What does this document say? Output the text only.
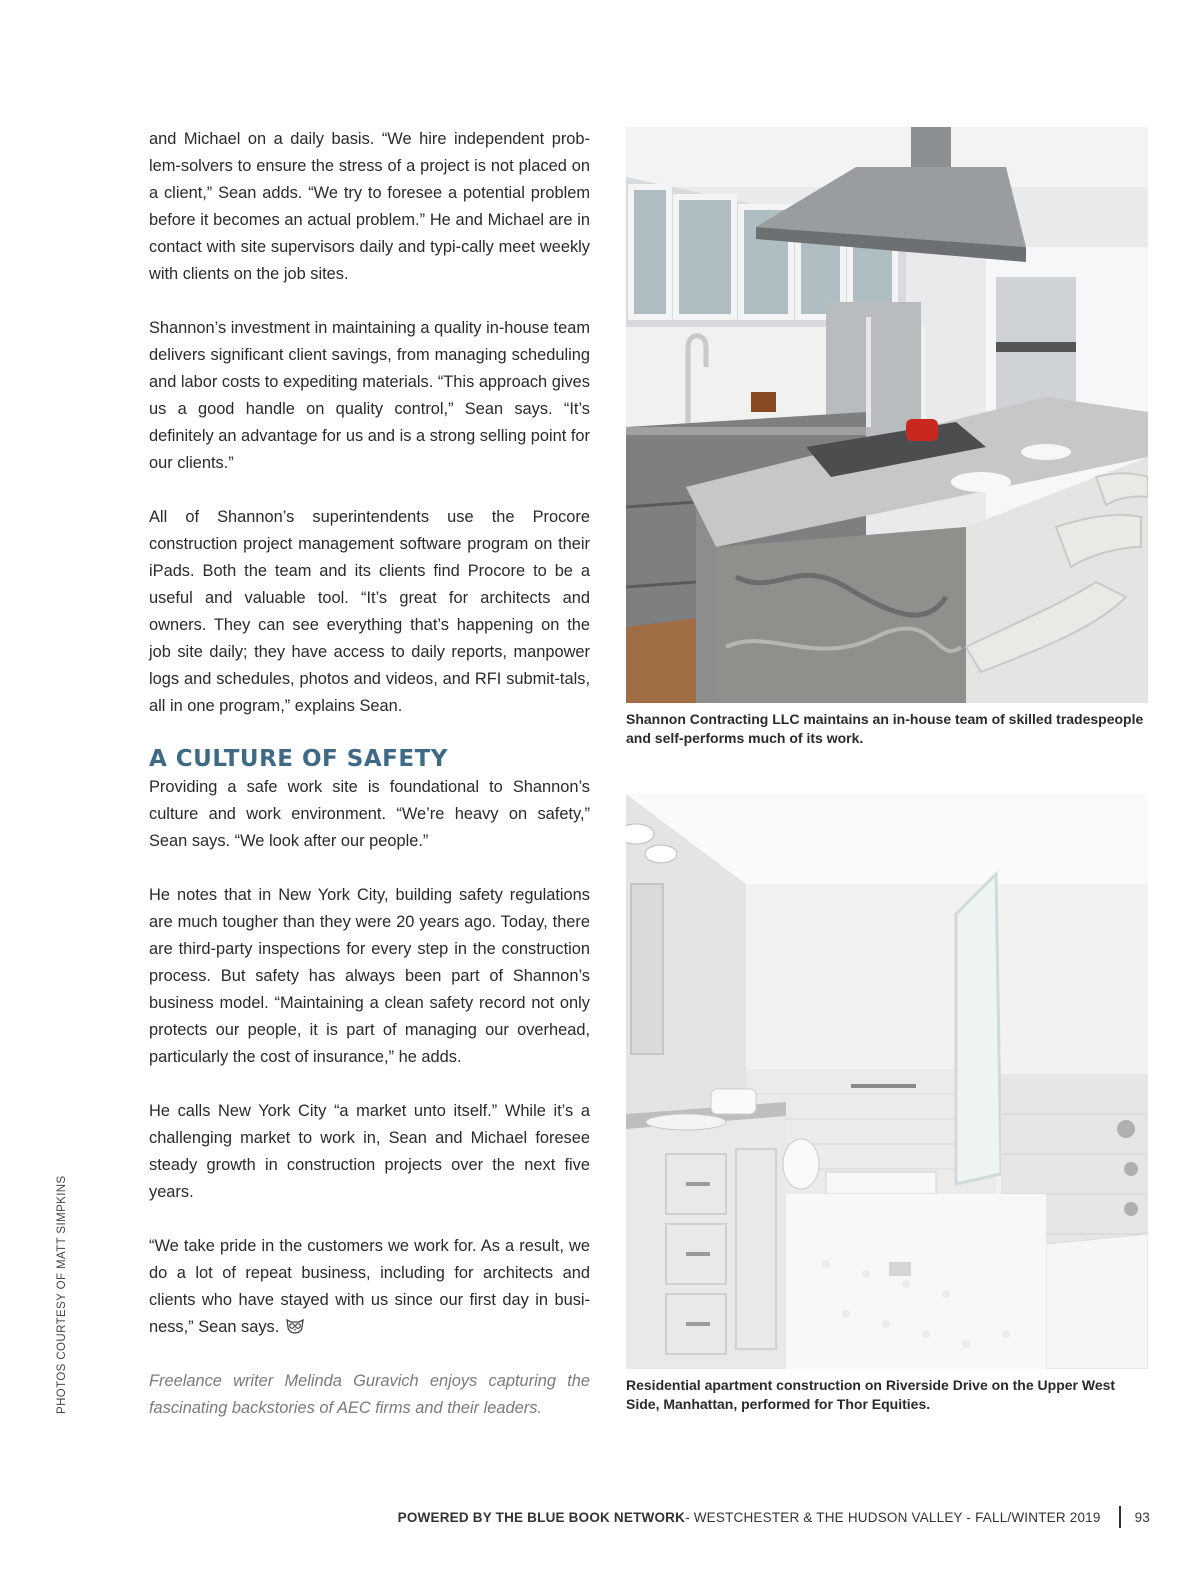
PHOTOS COURTESY OF MATT SIMPKINS

and Michael on a daily basis. “We hire independent prob-lem-solvers to ensure the stress of a project is not placed on a client,” Sean adds. “We try to foresee a potential problem before it becomes an actual problem.” He and Michael are in contact with site supervisors daily and typi-cally meet weekly with clients on the job sites.

Shannon’s investment in maintaining a quality in-house team delivers significant client savings, from managing scheduling and labor costs to expediting materials. “This approach gives us a good handle on quality control,” Sean says. “It’s definitely an advantage for us and is a strong selling point for our clients.”

All of Shannon’s superintendents use the Procore construction project management software program on their iPads. Both the team and its clients find Procore to be a useful and valuable tool. “It’s great for architects and owners. They can see everything that’s happening on the job site daily; they have access to daily reports, manpower logs and schedules, photos and videos, and RFI submit-tals, all in one program,” explains Sean.

A CULTURE OF SAFETY

Providing a safe work site is foundational to Shannon’s culture and work environment. “We’re heavy on safety,” Sean says. “We look after our people.”

He notes that in New York City, building safety regulations are much tougher than they were 20 years ago. Today, there are third-party inspections for every step in the construction process. But safety has always been part of Shannon’s business model. “Maintaining a clean safety record not only protects our people, it is part of managing our overhead, particularly the cost of insurance,” he adds.

He calls New York City “a market unto itself.” While it’s a challenging market to work in, Sean and Michael foresee steady growth in construction projects over the next five years.

“We take pride in the customers we work for. As a result, we do a lot of repeat business, including for architects and clients who have stayed with us since our first day in busi-ness,” Sean says.

Freelance writer Melinda Guravich enjoys capturing the fascinating backstories of AEC firms and their leaders.

Shannon Contracting LLC maintains an in-house team of skilled tradespeople and self-performs much of its work.
Residential apartment construction on Riverside Drive on the Upper West Side, Manhattan, performed for Thor Equities.
POWERED BY THE BLUE BOOK NETWORK - WESTCHESTER & THE HUDSON VALLEY - FALL/WINTER 2019	93
